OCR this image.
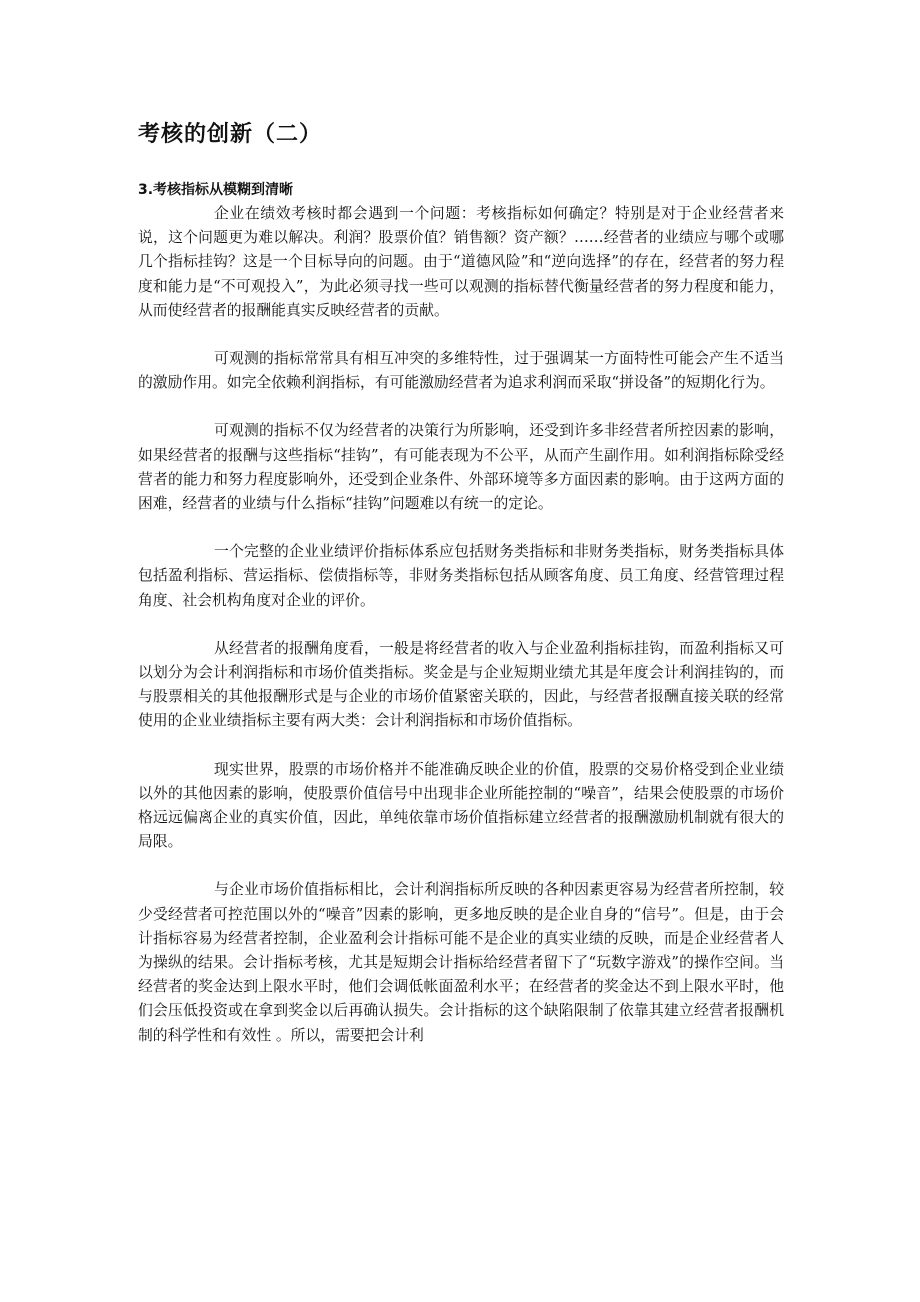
考核的创新（二）
3.考核指标从模糊到清晰

企业在绩效考核时都会遇到一个问题：考核指标如何确定？特别是对于企业经营者来说，这个问题更为难以解决。利润？股票价值？销售额？资产额？……经营者的业绩应与哪个或哪几个指标挂钩？这是一个目标导向的问题。由于“道德风险”和“逆向选择”的存在，经营者的努力程度和能力是“不可观投入”，为此必须寻找一些可以观测的指标替代衡量经营者的努力程度和能力，从而使经营者的报酬能真实反映经营者的贡献。

可观测的指标常常具有相互冲突的多维特性，过于强调某一方面特性可能会产生不适当的激励作用。如完全依赖利润指标，有可能激励经营者为追求利润而采取“拼设备”的短期化行为。

可观测的指标不仅为经营者的决策行为所影响，还受到许多非经营者所控因素的影响，如果经营者的报酬与这些指标“挂钩”，有可能表现为不公平，从而产生副作用。如利润指标除受经营者的能力和努力程度影响外，还受到企业条件、外部环境等多方面因素的影响。由于这两方面的困难，经营者的业绩与什么指标“挂钩”问题难以有统一的定论。

一个完整的企业业绩评价指标体系应包括财务类指标和非财务类指标，财务类指标具体包括盈利指标、营运指标、偿债指标等，非财务类指标包括从顾客角度、员工角度、经营管理过程角度、社会机构角度对企业的评价。

从经营者的报酬角度看，一般是将经营者的收入与企业盈利指标挂钩，而盈利指标又可以划分为会计利润指标和市场价值类指标。奖金是与企业短期业绩尤其是年度会计利润挂钩的，而与股票相关的其他报酬形式是与企业的市场价值紧密关联的，因此，与经营者报酬直接关联的经常使用的企业业绩指标主要有两大类：会计利润指标和市场价值指标。

现实世界，股票的市场价格并不能准确反映企业的价值，股票的交易价格受到企业业绩以外的其他因素的影响，使股票价值信号中出现非企业所能控制的“噪音”，结果会使股票的市场价格远远偏离企业的真实价值，因此，单纯依靠市场价值指标建立经营者的报酬激励机制就有很大的局限。

与企业市场价值指标相比，会计利润指标所反映的各种因素更容易为经营者所控制，较少受经营者可控范围以外的“噪音”因素的影响，更多地反映的是企业自身的“信号”。但是，由于会计指标容易为经营者控制，企业盈利会计指标可能不是企业的真实业绩的反映，而是企业经营者人为操纵的结果。会计指标考核，尤其是短期会计指标给经营者留下了“玩数字游戏”的操作空间。当经营者的奖金达到上限水平时，他们会调低帐面盈利水平；在经营者的奖金达不到上限水平时，他们会压低投资或在拿到奖金以后再确认损失。会计指标的这个缺陷限制了依靠其建立经营者报酬机制的科学性和有效性 。所以，需要把会计利
